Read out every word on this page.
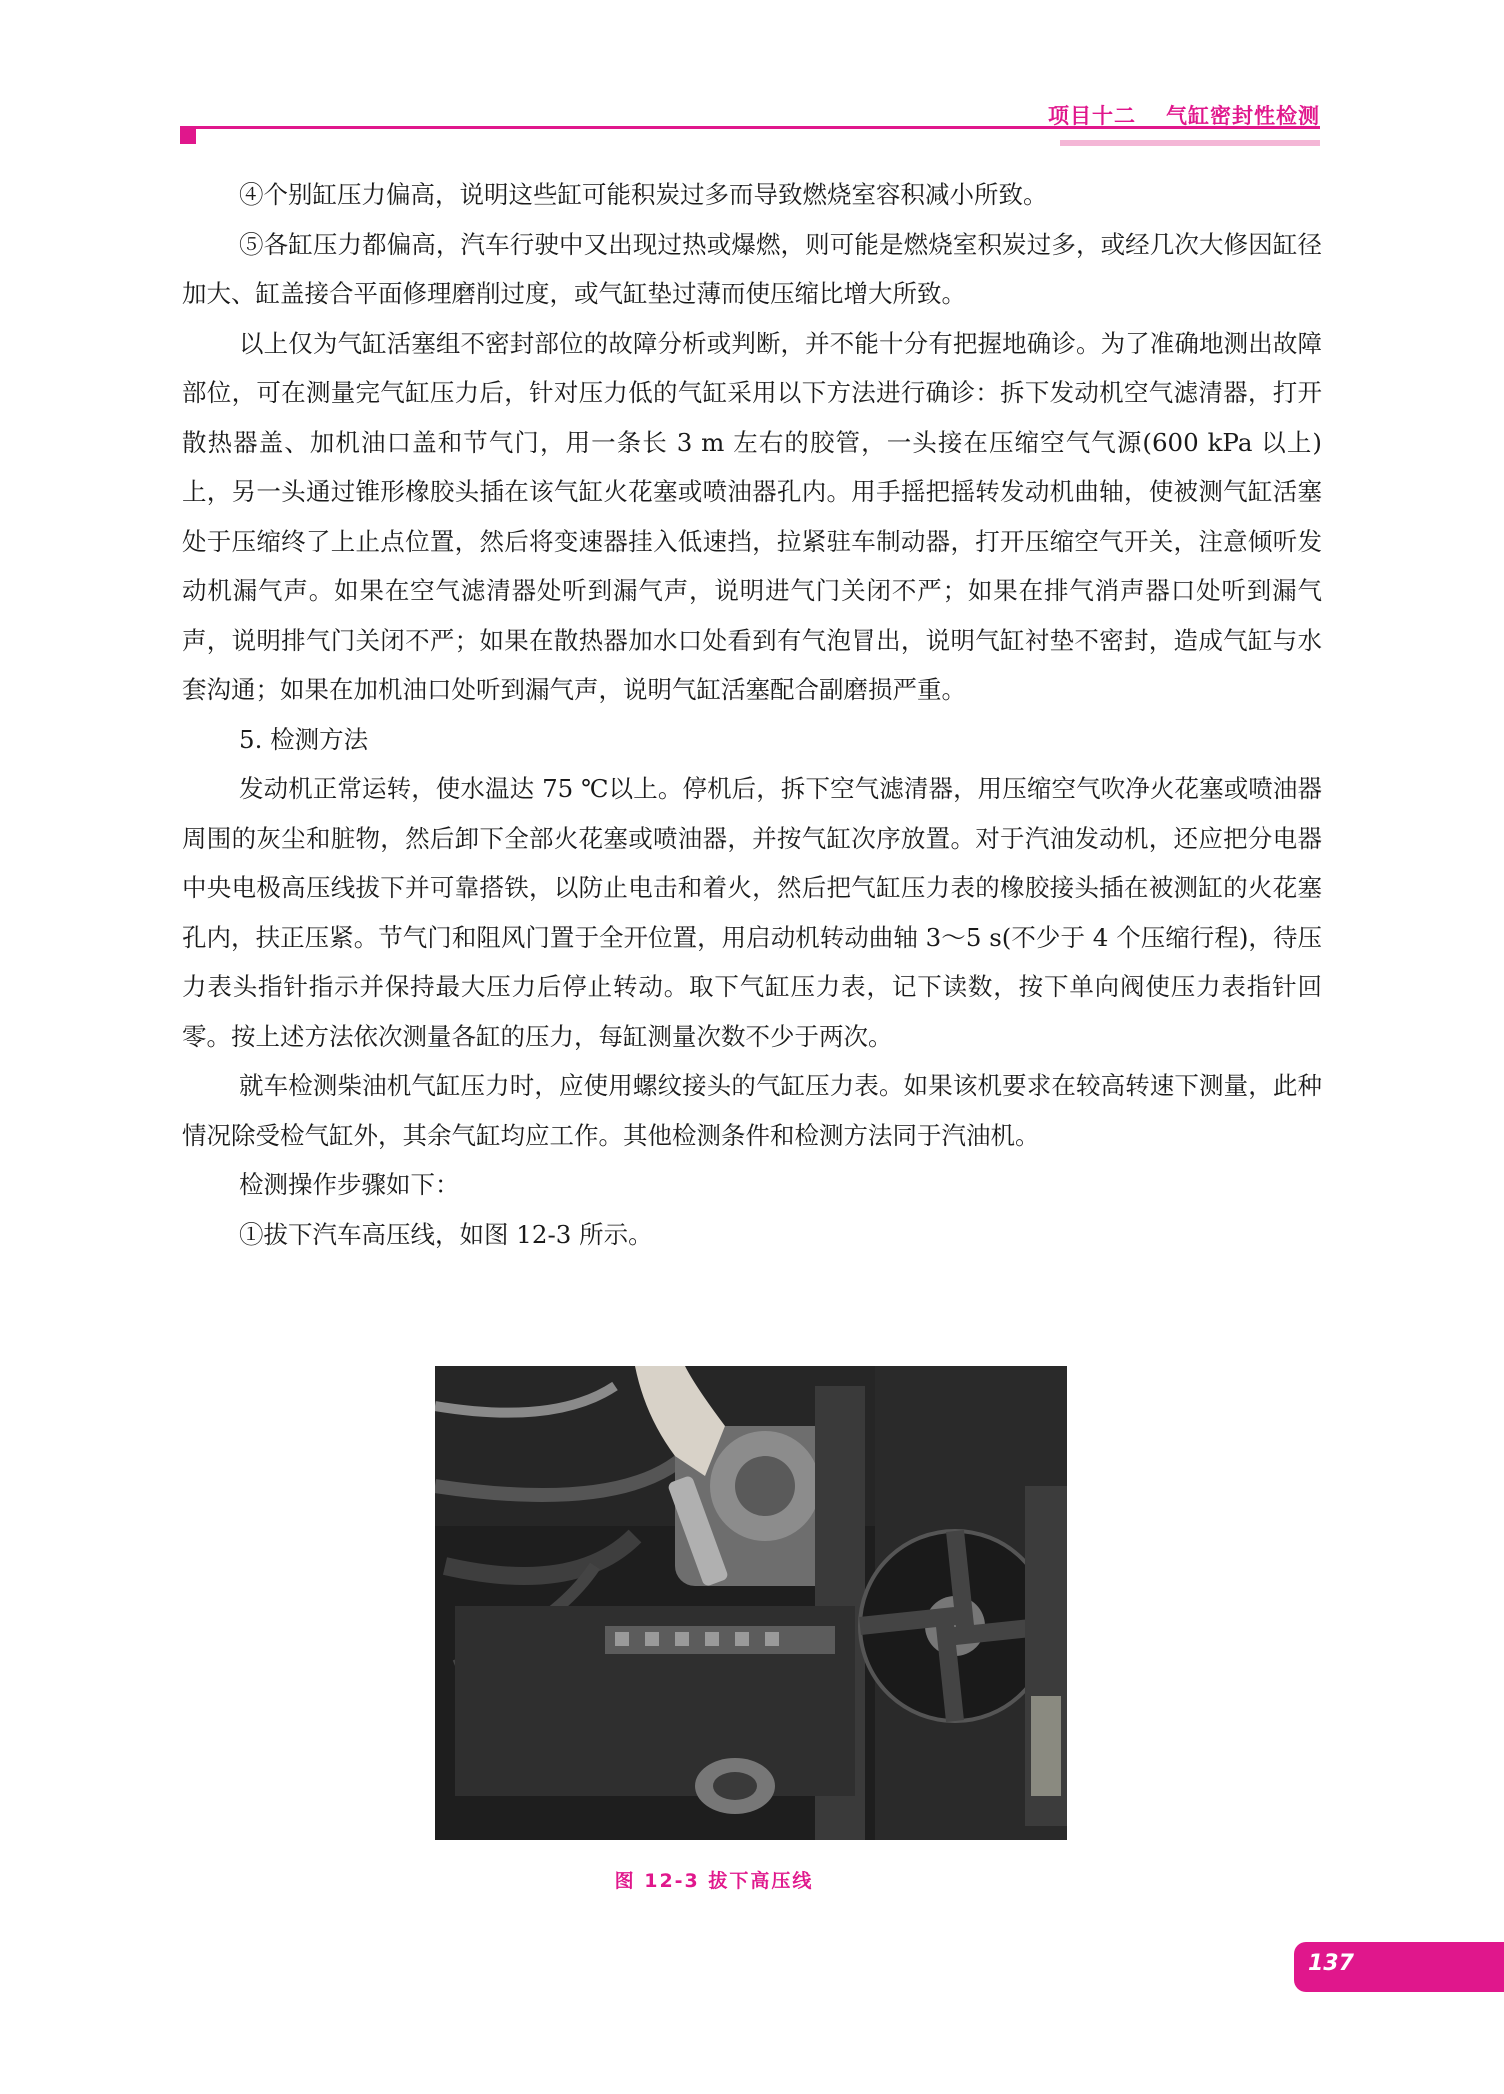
项目十二 气缸密封性检测

④个别缸压力偏高，说明这些缸可能积炭过多而导致燃烧室容积减小所致。

⑤各缸压力都偏高，汽车行驶中又出现过热或爆燃，则可能是燃烧室积炭过多，或经几次大修因缸径加大、缸盖接合平面修理磨削过度，或气缸垫过薄而使压缩比增大所致。

以上仅为气缸活塞组不密封部位的故障分析或判断，并不能十分有把握地确诊。为了准确地测出故障部位，可在测量完气缸压力后，针对压力低的气缸采用以下方法进行确诊：拆下发动机空气滤清器，打开散热器盖、加机油口盖和节气门，用一条长 3 m 左右的胶管，一头接在压缩空气气源(600 kPa 以上)上，另一头通过锥形橡胶头插在该气缸火花塞或喷油器孔内。用手摇把摇转发动机曲轴，使被测气缸活塞处于压缩终了上止点位置，然后将变速器挂入低速挡，拉紧驻车制动器，打开压缩空气开关，注意倾听发动机漏气声。如果在空气滤清器处听到漏气声，说明进气门关闭不严；如果在排气消声器口处听到漏气声，说明排气门关闭不严；如果在散热器加水口处看到有气泡冒出，说明气缸衬垫不密封，造成气缸与水套沟通；如果在加机油口处听到漏气声，说明气缸活塞配合副磨损严重。

5. 检测方法

发动机正常运转，使水温达 75 ℃以上。停机后，拆下空气滤清器，用压缩空气吹净火花塞或喷油器周围的灰尘和脏物，然后卸下全部火花塞或喷油器，并按气缸次序放置。对于汽油发动机，还应把分电器中央电极高压线拔下并可靠搭铁，以防止电击和着火，然后把气缸压力表的橡胶接头插在被测缸的火花塞孔内，扶正压紧。节气门和阻风门置于全开位置，用启动机转动曲轴 3～5 s(不少于 4 个压缩行程)，待压力表头指针指示并保持最大压力后停止转动。取下气缸压力表，记下读数，按下单向阀使压力表指针回零。按上述方法依次测量各缸的压力，每缸测量次数不少于两次。

就车检测柴油机气缸压力时，应使用螺纹接头的气缸压力表。如果该机要求在较高转速下测量，此种情况除受检气缸外，其余气缸均应工作。其他检测条件和检测方法同于汽油机。

检测操作步骤如下：

①拔下汽车高压线，如图 12-3 所示。

图 12-3 拔下高压线
137
